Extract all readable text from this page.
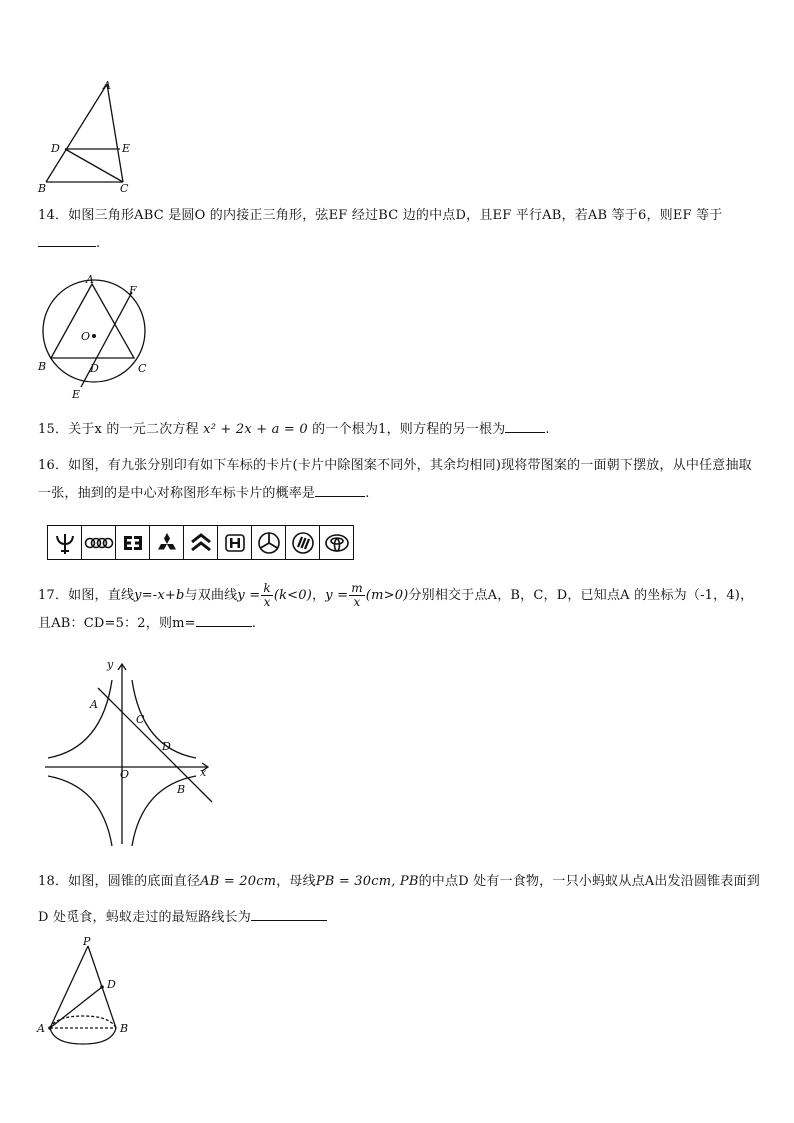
A
D	E
B	C
14．如图三角形ABC 是圆O 的内接正三角形，弦EF 经过BC 边的中点D，且EF 平行AB，若AB 等于6，则EF 等于.
A
F
O
B	D	C
E
15．关于x 的一元二次方程 x² + 2x + a = 0 的一个根为1，则方程的另一根为	.
16．如图，有九张分别印有如下车标的卡片(卡片中除图案不同外，其余均相同)现将带图案的一面朝下摆放，从中任意抽取一张，抽到的是中心对称图形车标卡片的概率是	.
17．如图，直线y=-x+b与双曲线$y = \frac{k}{x} (k<0)$，$y = \frac{m}{x} (m>0)$分别相交于点A，B，C，D，已知点A 的坐标为（-1，4)，且AB：CD=5：2，则m=	.
y
x
O
A
C
D
B
18．如图，圆锥的底面直径AB = 20cm，母线PB = 30cm, PB的中点D 处有一食物，一只小蚂蚁从点A出发沿圆锥表面到D 处觅食，蚂蚁走过的最短路线长为
P
D
A	B
